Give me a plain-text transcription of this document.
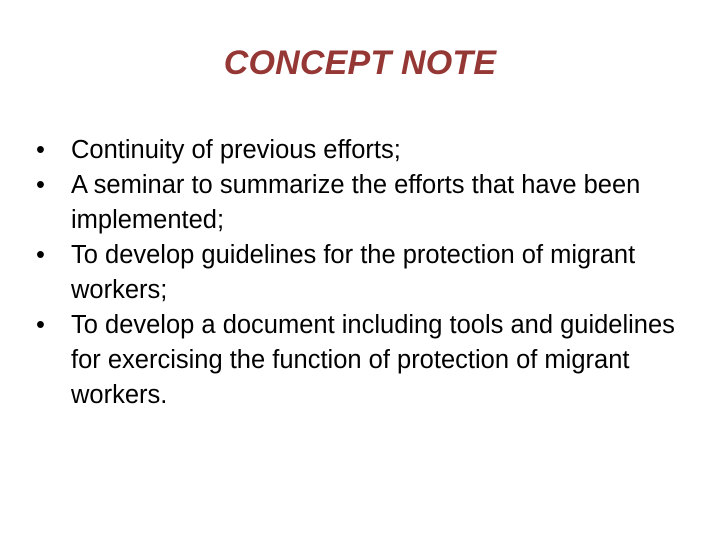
CONCEPT NOTE
•	Continuity of previous efforts;
•	A seminar to summarize the efforts that have been implemented;
•	To develop guidelines for the protection of migrant workers;
•	To develop a document including tools and guidelines for exercising the function of protection of migrant workers.
